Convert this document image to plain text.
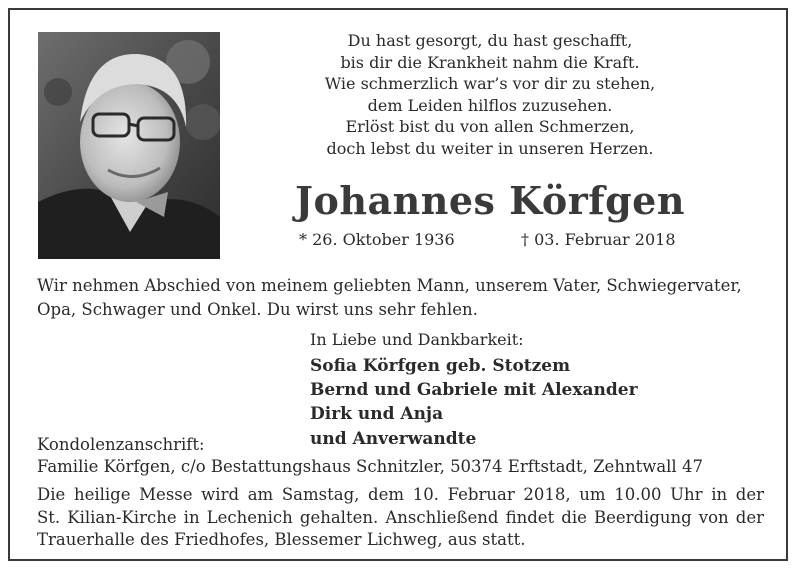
Du hast gesorgt, du hast geschafft,
bis dir die Krankheit nahm die Kraft.
Wie schmerzlich war’s vor dir zu stehen,
dem Leiden hilflos zuzusehen.
Erlöst bist du von allen Schmerzen,
doch lebst du weiter in unseren Herzen.
Johannes Körfgen
* 26. Oktober 1936	† 03. Februar 2018
Wir nehmen Abschied von meinem geliebten Mann, unserem Vater, Schwiegervater,
Opa, Schwager und Onkel. Du wirst uns sehr fehlen.
In Liebe und Dankbarkeit:
Sofia Körfgen geb. Stotzem
Bernd und Gabriele mit Alexander
Dirk und Anja
und Anverwandte
Kondolenzanschrift:
Familie Körfgen, c/o Bestattungshaus Schnitzler, 50374 Erftstadt, Zehntwall 47
Die heilige Messe wird am Samstag, dem 10. Februar 2018, um 10.00 Uhr in der
St. Kilian-Kirche in Lechenich gehalten. Anschließend findet die Beerdigung von der
Trauerhalle des Friedhofes, Blessemer Lichweg, aus statt.
